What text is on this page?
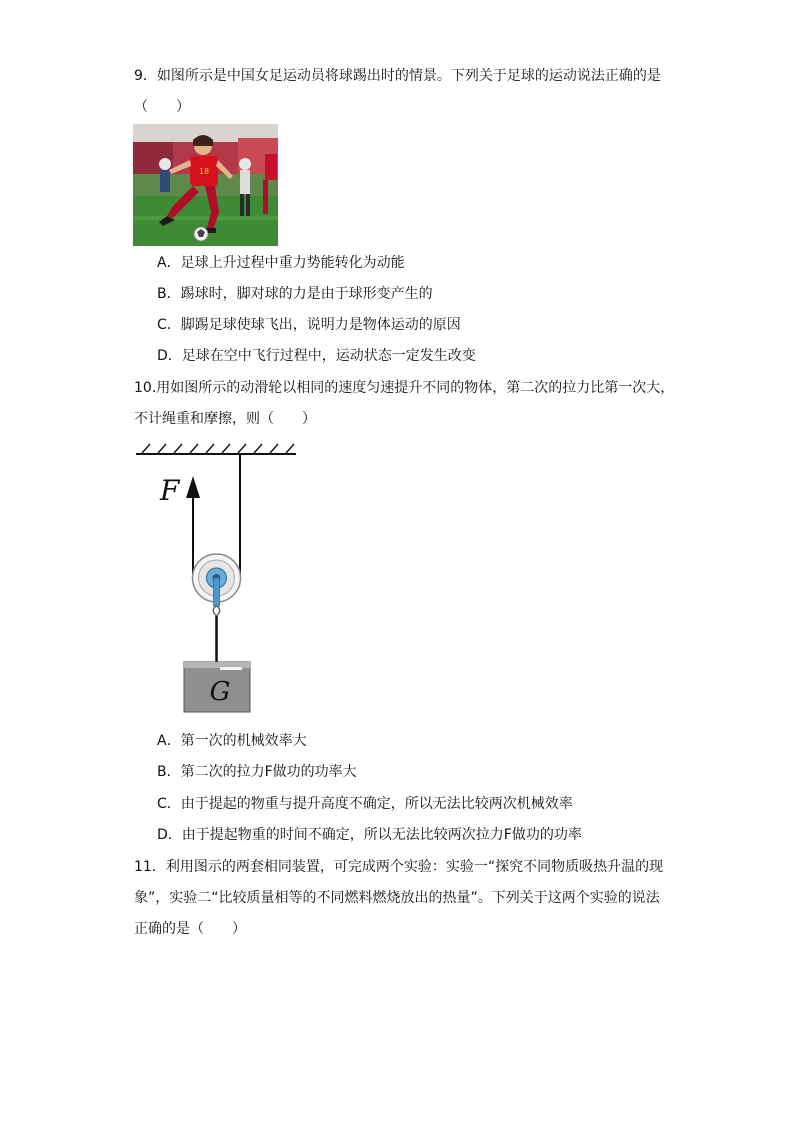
9．如图所示是中国女足运动员将球踢出时的情景。下列关于足球的运动说法正确的是
（　　）
18
A．足球上升过程中重力势能转化为动能
B．踢球时，脚对球的力是由于球形变产生的
C．脚踢足球使球飞出，说明力是物体运动的原因
D．足球在空中飞行过程中，运动状态一定发生改变
10.用如图所示的动滑轮以相同的速度匀速提升不同的物体，第二次的拉力比第一次大，
不计绳重和摩擦，则（　　）
F
G
A．第一次的机械效率大
B．第二次的拉力F做功的功率大
C．由于提起的物重与提升高度不确定，所以无法比较两次机械效率
D．由于提起物重的时间不确定，所以无法比较两次拉力F做功的功率
11．利用图示的两套相同装置，可完成两个实验：实验一“探究不同物质吸热升温的现
象”，实验二“比较质量相等的不同燃料燃烧放出的热量”。下列关于这两个实验的说法
正确的是（　　）
